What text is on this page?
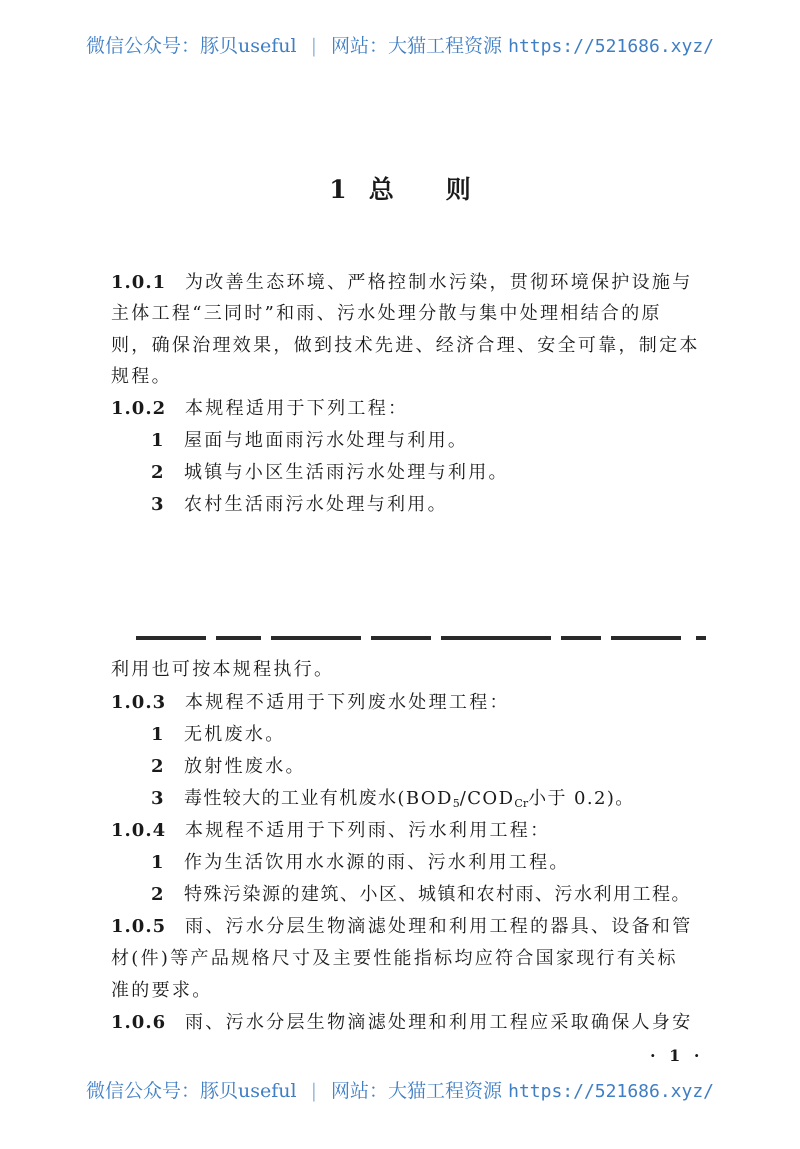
微信公众号：豚贝useful | 网站：大猫工程资源 https://521686.xyz/
1 总 则
1.0.1 为改善生态环境、严格控制水污染，贯彻环境保护设施与
主体工程“三同时”和雨、污水处理分散与集中处理相结合的原
则，确保治理效果，做到技术先进、经济合理、安全可靠，制定本
规程。
1.0.2 本规程适用于下列工程：
1 屋面与地面雨污水处理与利用。
2 城镇与小区生活雨污水处理与利用。
3 农村生活雨污水处理与利用。
利用也可按本规程执行。
1.0.3 本规程不适用于下列废水处理工程：
1 无机废水。
2 放射性废水。
3 毒性较大的工业有机废水($BOD_5/COD_{Cr}$小于 0.2)。
1.0.4 本规程不适用于下列雨、污水利用工程：
1 作为生活饮用水水源的雨、污水利用工程。
2 特殊污染源的建筑、小区、城镇和农村雨、污水利用工程。
1.0.5 雨、污水分层生物滴滤处理和利用工程的器具、设备和管
材(件)等产品规格尺寸及主要性能指标均应符合国家现行有关标
准的要求。
1.0.6 雨、污水分层生物滴滤处理和利用工程应采取确保人身安
· 1 ·
微信公众号：豚贝useful | 网站：大猫工程资源 https://521686.xyz/
